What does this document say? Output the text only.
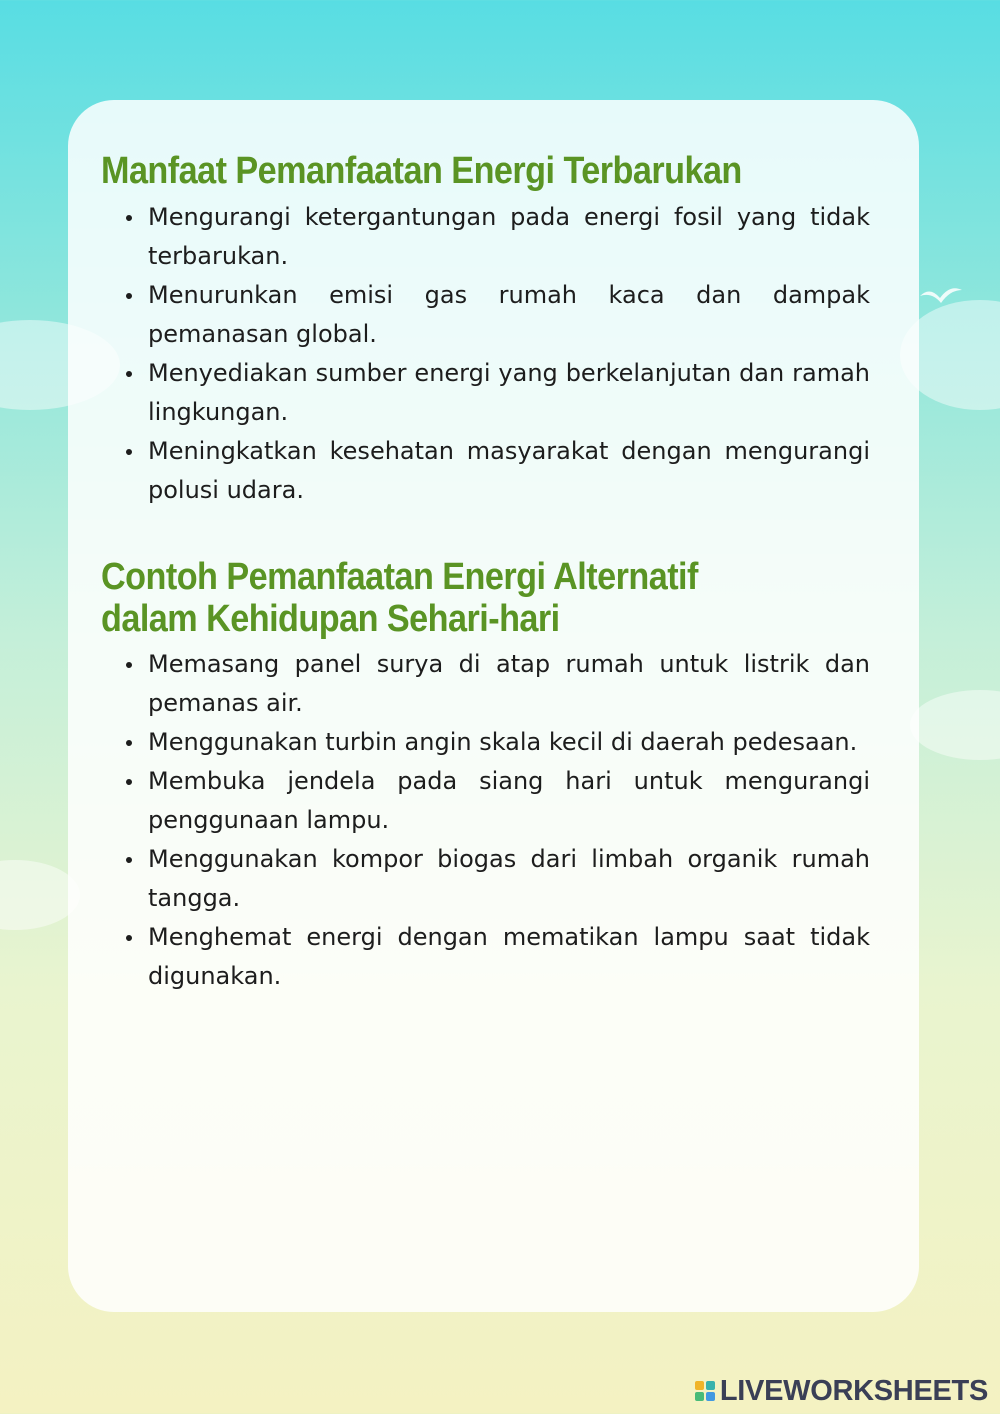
Manfaat Pemanfaatan Energi Terbarukan
Mengurangi ketergantungan pada energi fosil yang tidak terbarukan.
Menurunkan emisi gas rumah kaca dan dampak pemanasan global.
Menyediakan sumber energi yang berkelanjutan dan ramah lingkungan.
Meningkatkan kesehatan masyarakat dengan mengurangi polusi udara.
Contoh Pemanfaatan Energi Alternatif
dalam Kehidupan Sehari-hari
Memasang panel surya di atap rumah untuk listrik dan pemanas air.
Menggunakan turbin angin skala kecil di daerah pedesaan.
Membuka jendela pada siang hari untuk mengurangi penggunaan lampu.
Menggunakan kompor biogas dari limbah organik rumah tangga.
Menghemat energi dengan mematikan lampu saat tidak digunakan.
LIVEWORKSHEETS
